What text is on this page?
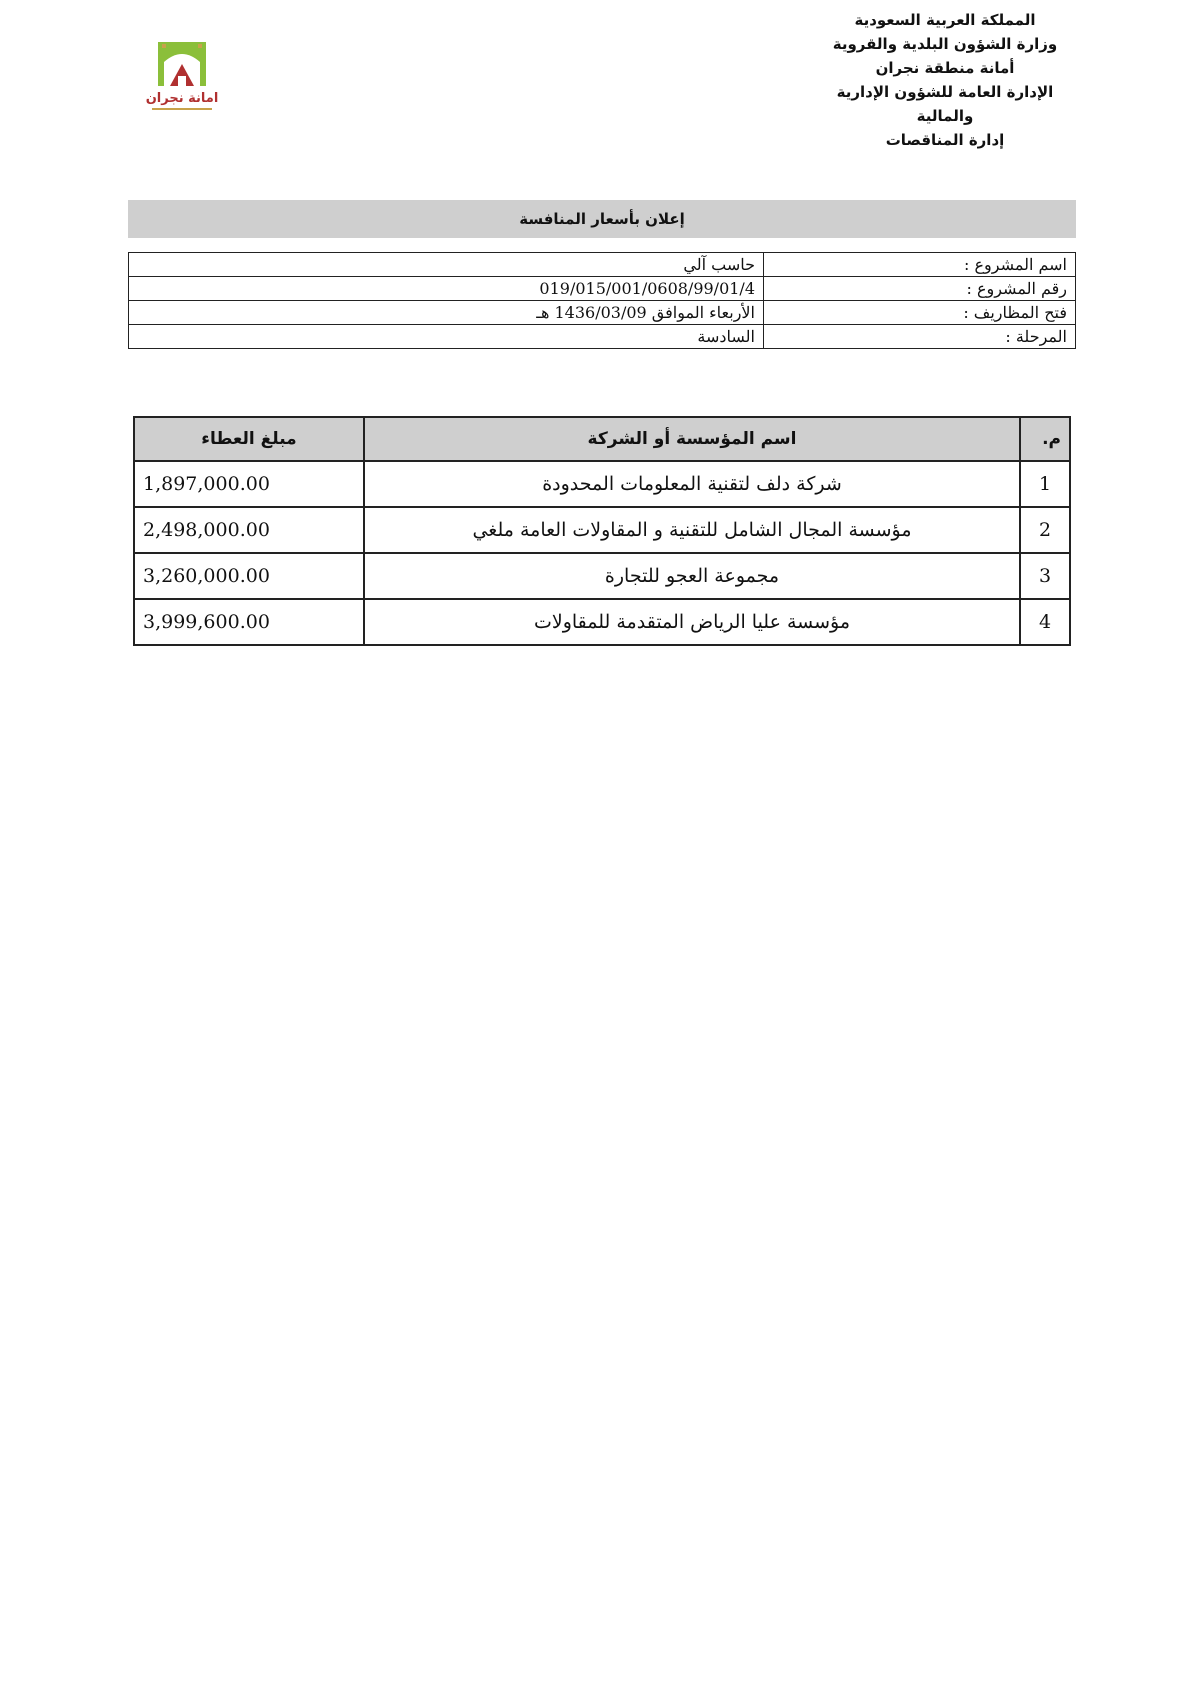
المملكة العربية السعودية
وزارة الشؤون البلدية والقروية
أمانة منطقة نجران
الإدارة العامة للشؤون الإدارية
والمالية
إدارة المناقصات
امانة نجران
إعلان بأسعار المنافسة
اسم المشروع :	حاسب آلي
رقم المشروع :	019/015/001/0608/99/01/4
فتح المظاريف :	الأربعاء الموافق 1436/03/09 هـ
المرحلة :	السادسة
م.	اسم المؤسسة أو الشركة	مبلغ العطاء
1	شركة دلف لتقنية المعلومات المحدودة	1,897,000.00
2	مؤسسة المجال الشامل للتقنية و المقاولات العامة ملغي	2,498,000.00
3	مجموعة العجو للتجارة	3,260,000.00
4	مؤسسة عليا الرياض المتقدمة للمقاولات	3,999,600.00
